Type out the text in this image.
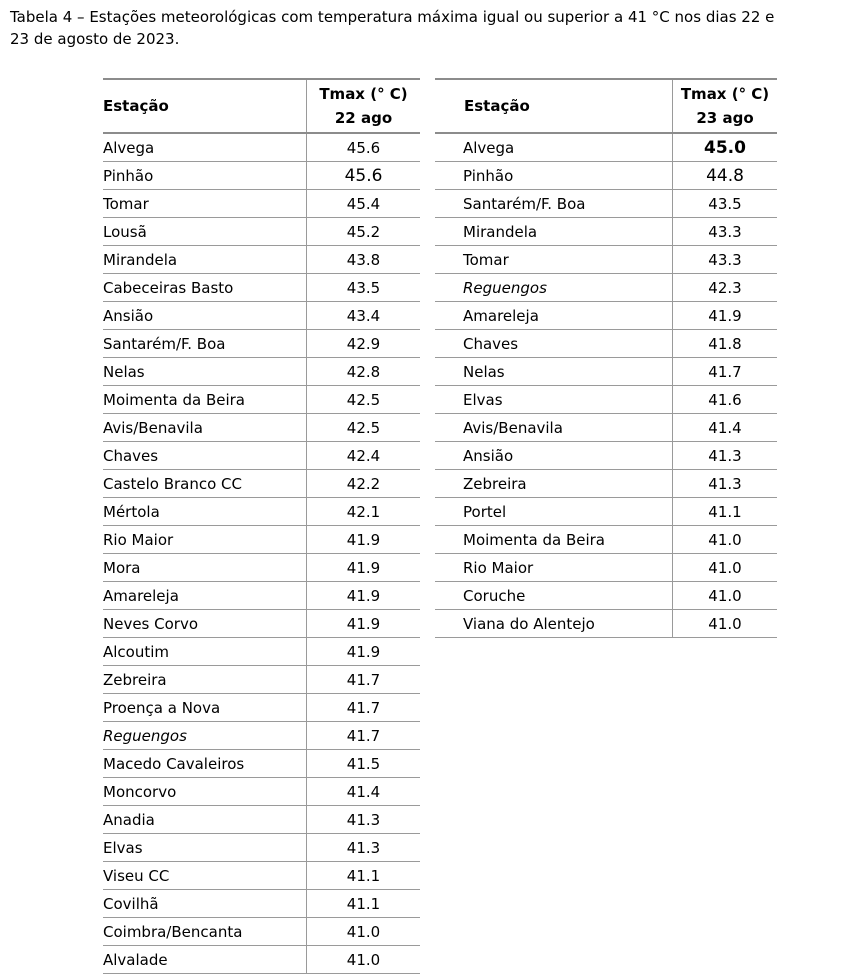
Tabela 4 – Estações meteorológicas com temperatura máxima igual ou superior a 41 °C nos dias 22 e
23 de agosto de 2023.
Estação	Tmax (° C)
22 ago

Alvega	45.6
Pinhão	45.6
Tomar	45.4
Lousã	45.2
Mirandela	43.8
Cabeceiras Basto	43.5
Ansião	43.4
Santarém/F. Boa	42.9
Nelas	42.8
Moimenta da Beira	42.5
Avis/Benavila	42.5
Chaves	42.4
Castelo Branco CC	42.2
Mértola	42.1
Rio Maior	41.9
Mora	41.9
Amareleja	41.9
Neves Corvo	41.9
Alcoutim	41.9
Zebreira	41.7
Proença a Nova	41.7
Reguengos	41.7
Macedo Cavaleiros	41.5
Moncorvo	41.4
Anadia	41.3
Elvas	41.3
Viseu CC	41.1
Covilhã	41.1
Coimbra/Bencanta	41.0
Alvalade	41.0
Estação	Tmax (° C)
23 ago

Alvega	45.0
Pinhão	44.8
Santarém/F. Boa	43.5
Mirandela	43.3
Tomar	43.3
Reguengos	42.3
Amareleja	41.9
Chaves	41.8
Nelas	41.7
Elvas	41.6
Avis/Benavila	41.4
Ansião	41.3
Zebreira	41.3
Portel	41.1
Moimenta da Beira	41.0
Rio Maior	41.0
Coruche	41.0
Viana do Alentejo	41.0
